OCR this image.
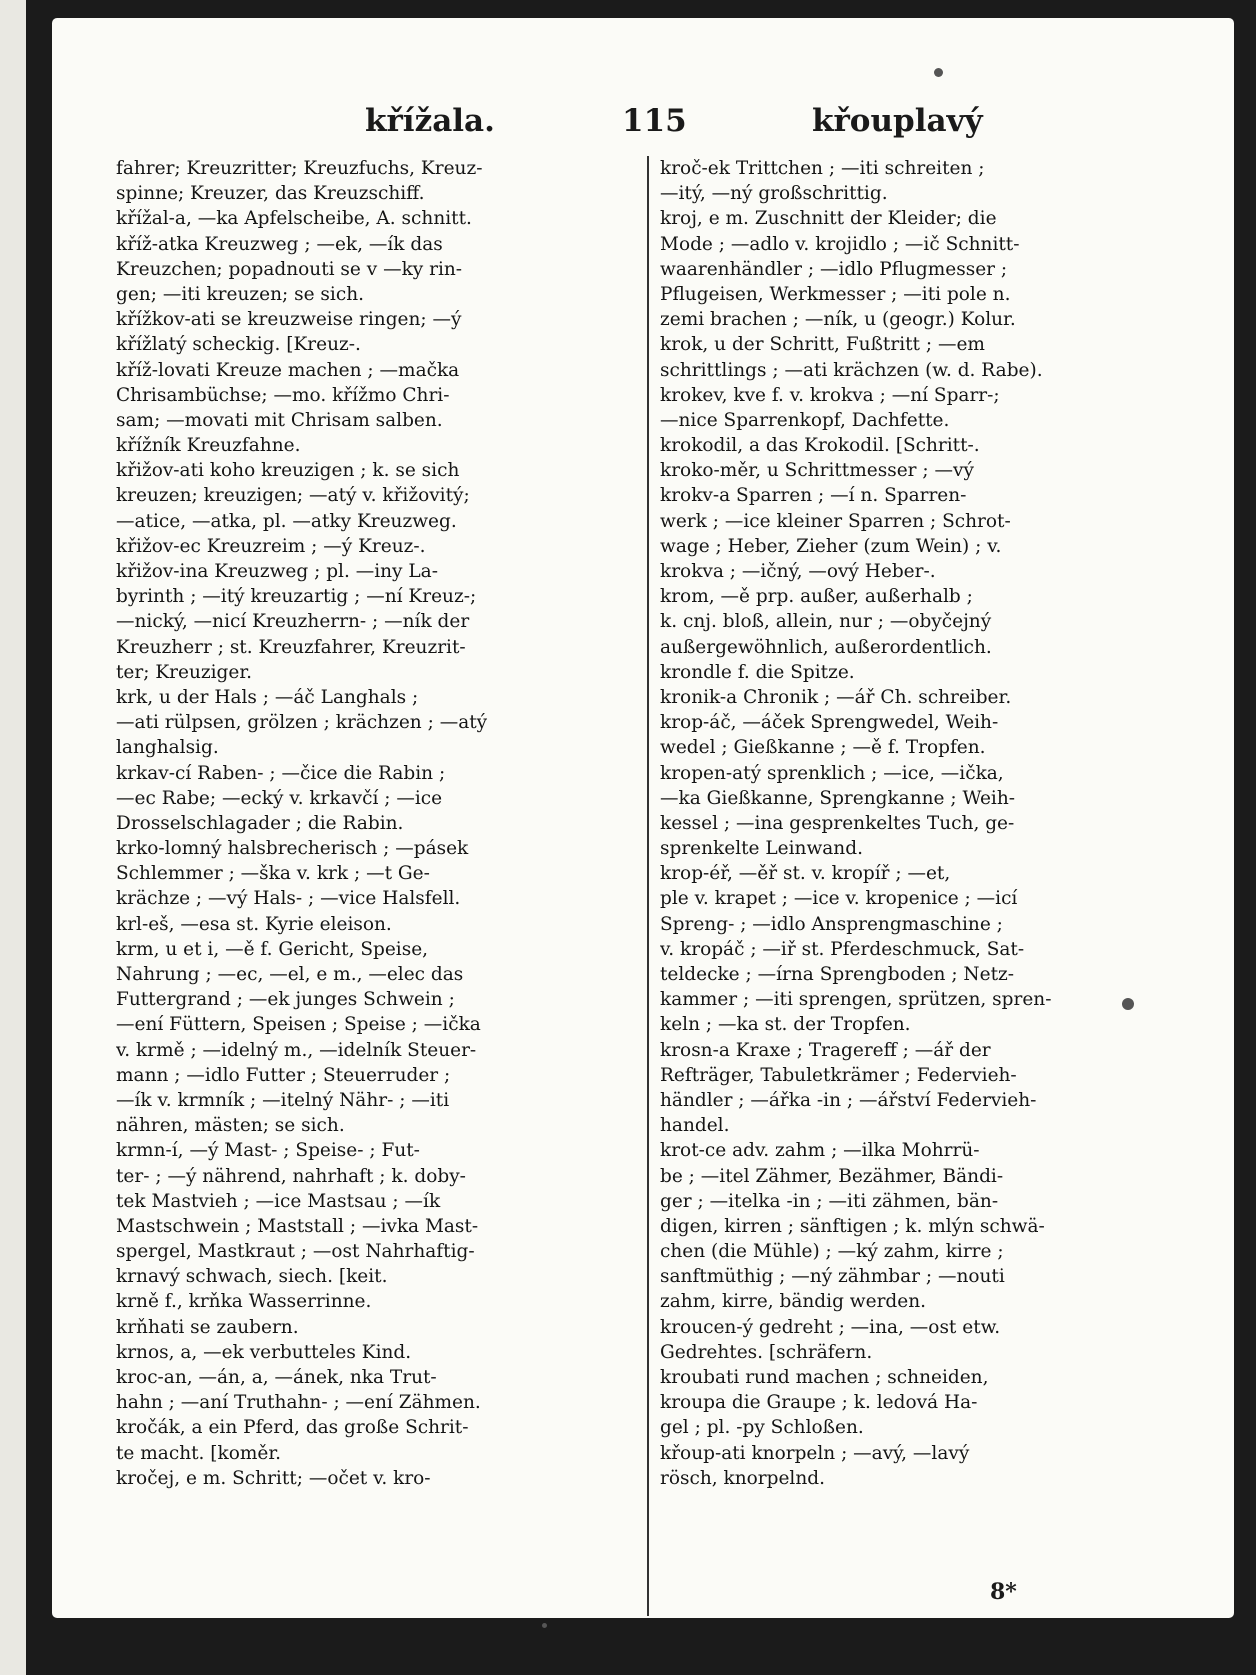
křížala.	115	křouplavý
fahrer; Kreuzritter; Kreuzfuchs, Kreuz-
spinne; Kreuzer, das Kreuzschiff.
křížal-a, —ka Apfelscheibe, A. schnitt.
kříž-atka Kreuzweg ; —ek, —ík das
Kreuzchen; popadnouti se v —ky rin-
gen; —iti kreuzen; se sich.
křížkov-ati se kreuzweise ringen; —ý
křížlatý scheckig. [Kreuz-.
kříž-lovati Kreuze machen ; —mačka
Chrisambüchse; —mo. křížmo Chri-
sam; —movati mit Chrisam salben.
křížník Kreuzfahne.
křižov-ati koho kreuzigen ; k. se sich
kreuzen; kreuzigen; —atý v. křižovitý;
—atice, —atka, pl. —atky Kreuzweg.
křižov-ec Kreuzreim ; —ý Kreuz-.
křižov-ina Kreuzweg ; pl. —iny La-
byrinth ; —itý kreuzartig ; —ní Kreuz-;
—nický, —nicí Kreuzherrn- ; —ník der
Kreuzherr ; st. Kreuzfahrer, Kreuzrit-
ter; Kreuziger.
krk, u der Hals ; —áč Langhals ;
—ati rülpsen, grölzen ; krächzen ; —atý
langhalsig.
krkav-cí Raben- ; —čice die Rabin ;
—ec Rabe; —ecký v. krkavčí ; —ice
Drosselschlagader ; die Rabin.
krko-lomný halsbrecherisch ; —pásek
Schlemmer ; —ška v. krk ; —t Ge-
krächze ; —vý Hals- ; —vice Halsfell.
krl-eš, —esa st. Kyrie eleison.
krm, u et i, —ě f. Gericht, Speise,
Nahrung ; —ec, —el, e m., —elec das
Futtergrand ; —ek junges Schwein ;
—ení Füttern, Speisen ; Speise ; —ička
v. krmě ; —idelný m., —idelník Steuer-
mann ; —idlo Futter ; Steuerruder ;
—ík v. krmník ; —itelný Nähr- ; —iti
nähren, mästen; se sich.
krmn-í, —ý Mast- ; Speise- ; Fut-
ter- ; —ý nährend, nahrhaft ; k. doby-
tek Mastvieh ; —ice Mastsau ; —ík
Mastschwein ; Maststall ; —ivka Mast-
spergel, Mastkraut ; —ost Nahrhaftig-
krnavý schwach, siech. [keit.
krně f., krňka Wasserrinne.
krňhati se zaubern.
krnos, a, —ek verbutteles Kind.
kroc-an, —án, a, —ánek, nka Trut-
hahn ; —aní Truthahn- ; —ení Zähmen.
kročák, a ein Pferd, das große Schrit-
te macht. [koměr.
kročej, e m. Schritt; —očet v. kro-
kroč-ek Trittchen ; —iti schreiten ;
—itý, —ný großschrittig.
kroj, e m. Zuschnitt der Kleider; die
Mode ; —adlo v. krojidlo ; —ič Schnitt-
waarenhändler ; —idlo Pflugmesser ;
Pflugeisen, Werkmesser ; —iti pole n.
zemi brachen ; —ník, u (geogr.) Kolur.
krok, u der Schritt, Fußtritt ; —em
schrittlings ; —ati krächzen (w. d. Rabe).
krokev, kve f. v. krokva ; —ní Sparr-;
—nice Sparrenkopf, Dachfette.
krokodil, a das Krokodil. [Schritt-.
kroko-měr, u Schrittmesser ; —vý
krokv-a Sparren ; —í n. Sparren-
werk ; —ice kleiner Sparren ; Schrot-
wage ; Heber, Zieher (zum Wein) ; v.
krokva ; —ičný, —ový Heber-.
krom, —ě prp. außer, außerhalb ;
k. cnj. bloß, allein, nur ; —obyčejný
außergewöhnlich, außerordentlich.
krondle f. die Spitze.
kronik-a Chronik ; —ář Ch. schreiber.
krop-áč, —áček Sprengwedel, Weih-
wedel ; Gießkanne ; —ě f. Tropfen.
kropen-atý sprenklich ; —ice, —ička,
—ka Gießkanne, Sprengkanne ; Weih-
kessel ; —ina gesprenkeltes Tuch, ge-
sprenkelte Leinwand.
krop-éř, —ěř st. v. kropíř ; —et,
ple v. krapet ; —ice v. kropenice ; —icí
Spreng- ; —idlo Ansprengmaschine ;
v. kropáč ; —iř st. Pferdeschmuck, Sat-
teldecke ; —írna Sprengboden ; Netz-
kammer ; —iti sprengen, sprützen, spren-
keln ; —ka st. der Tropfen.
krosn-a Kraxe ; Tragereff ; —ář der
Refträger, Tabuletkrämer ; Federvieh-
händler ; —ářka -in ; —ářství Federvieh-
handel.
krot-ce adv. zahm ; —ilka Mohrrü-
be ; —itel Zähmer, Bezähmer, Bändi-
ger ; —itelka -in ; —iti zähmen, bän-
digen, kirren ; sänftigen ; k. mlýn schwä-
chen (die Mühle) ; —ký zahm, kirre ;
sanftmüthig ; —ný zähmbar ; —nouti
zahm, kirre, bändig werden.
kroucen-ý gedreht ; —ina, —ost etw.
Gedrehtes. [schräfern.
kroubati rund machen ; schneiden,
kroupa die Graupe ; k. ledová Ha-
gel ; pl. -py Schloßen.
křoup-ati knorpeln ; —avý, —lavý
rösch, knorpelnd.
8*
